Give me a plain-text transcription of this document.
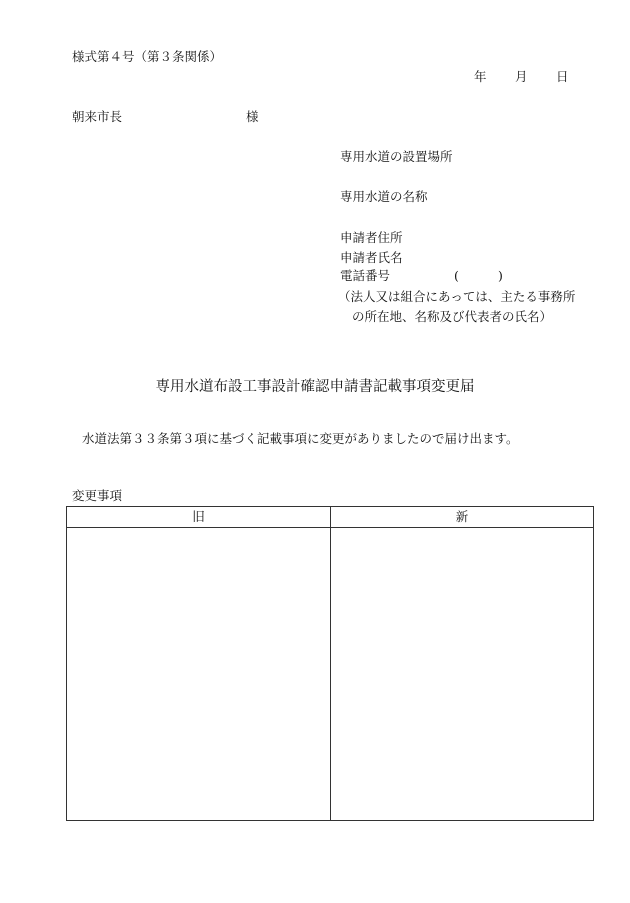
様式第４号（第３条関係）
年 月 日
朝来市長	様
専用水道の設置場所
専用水道の名称
申請者住所
申請者氏名
電話番号	(	)
（法人又は組合にあっては、主たる事務所
の所在地、名称及び代表者の氏名）
専用水道布設工事設計確認申請書記載事項変更届
水道法第３３条第３項に基づく記載事項に変更がありましたので届け出ます。
変更事項
旧	新
